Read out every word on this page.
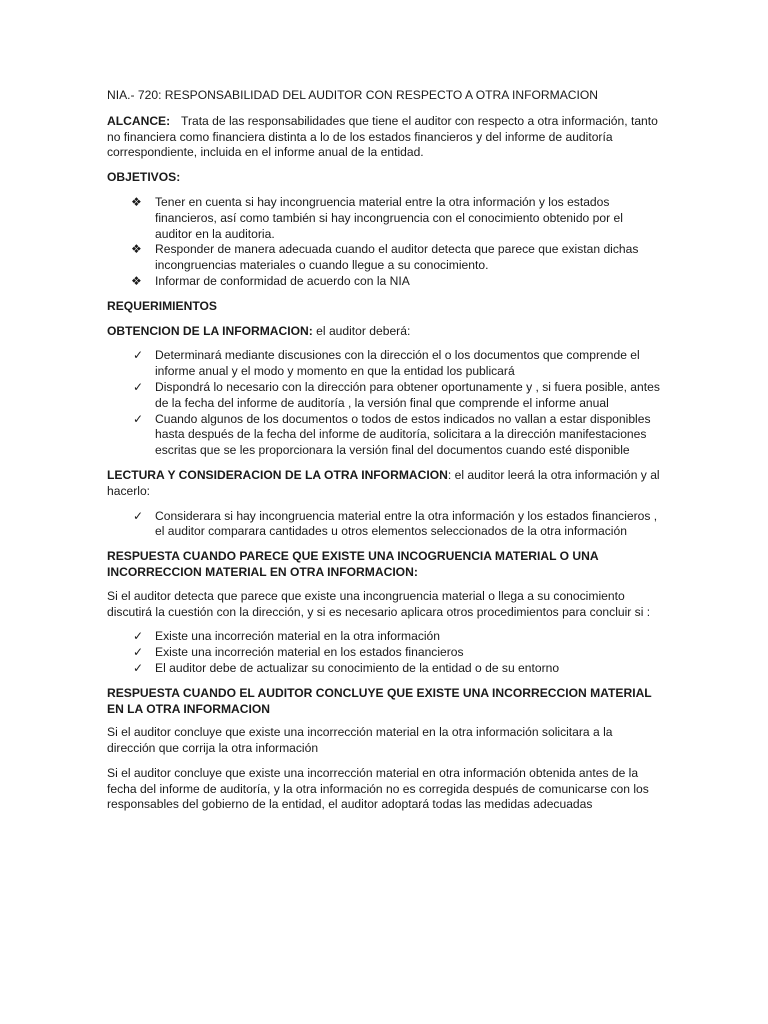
NIA.- 720: RESPONSABILIDAD DEL AUDITOR CON RESPECTO A OTRA INFORMACION

ALCANCE: Trata de las responsabilidades que tiene el auditor con respecto a otra información, tanto no financiera como financiera distinta a lo de los estados financieros y del informe de auditoría correspondiente, incluida en el informe anual de la entidad.

OBJETIVOS:

❖ Tener en cuenta si hay incongruencia material entre la otra información y los estados financieros, así como también si hay incongruencia con el conocimiento obtenido por el auditor en la auditoria.
❖ Responder de manera adecuada cuando el auditor detecta que parece que existan dichas incongruencias materiales o cuando llegue a su conocimiento.
❖ Informar de conformidad de acuerdo con la NIA

REQUERIMIENTOS

OBTENCION DE LA INFORMACION: el auditor deberá:

✓ Determinará mediante discusiones con la dirección el o los documentos que comprende el informe anual y el modo y momento en que la entidad los publicará
✓ Dispondrá lo necesario con la dirección para obtener oportunamente y , si fuera posible, antes de la fecha del informe de auditoría , la versión final que comprende el informe anual
✓ Cuando algunos de los documentos o todos de estos indicados no vallan a estar disponibles hasta después de la fecha del informe de auditoría, solicitara a la dirección manifestaciones escritas que se les proporcionara la versión final del documentos cuando esté disponible

LECTURA Y CONSIDERACION DE LA OTRA INFORMACION: el auditor leerá la otra información y al hacerlo:

✓ Considerara si hay incongruencia material entre la otra información y los estados financieros , el auditor comparara cantidades u otros elementos seleccionados de la otra información

RESPUESTA CUANDO PARECE QUE EXISTE UNA INCOGRUENCIA MATERIAL O UNA INCORRECCION MATERIAL EN OTRA INFORMACION:

Si el auditor detecta que parece que existe una incongruencia material o llega a su conocimiento discutirá la cuestión con la dirección, y si es necesario aplicara otros procedimientos para concluir si :

✓ Existe una incorreción material en la otra información
✓ Existe una incorreción material en los estados financieros
✓ El auditor debe de actualizar su conocimiento de la entidad o de su entorno

RESPUESTA CUANDO EL AUDITOR CONCLUYE QUE EXISTE UNA INCORRECCION MATERIAL EN LA OTRA INFORMACION

Si el auditor concluye que existe una incorrección material en la otra información solicitara a la dirección que corrija la otra información

Si el auditor concluye que existe una incorrección material en otra información obtenida antes de la fecha del informe de auditoría, y la otra información no es corregida después de comunicarse con los responsables del gobierno de la entidad, el auditor adoptará todas las medidas adecuadas
